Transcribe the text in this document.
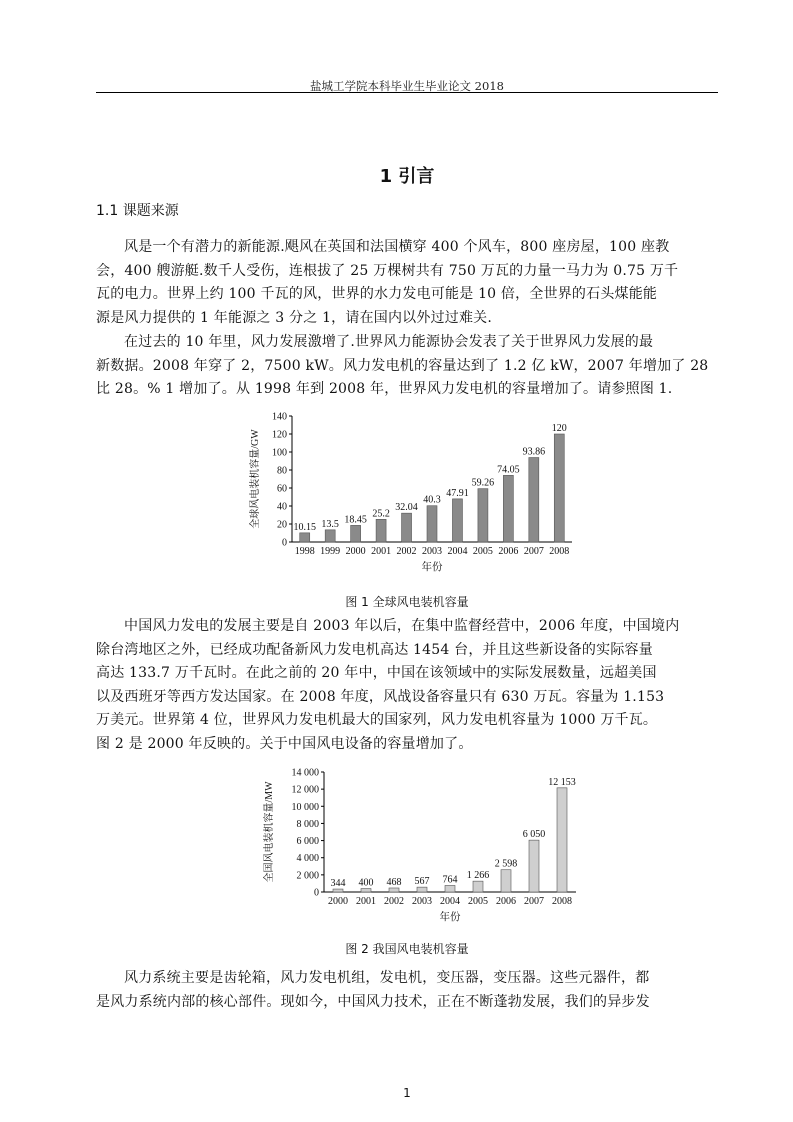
盐城工学院本科毕业生毕业论文 2018
1 引言
1.1 课题来源
风是一个有潜力的新能源.飓风在英国和法国横穿 400 个风车，800 座房屋，100 座教
会，400 艘游艇.数千人受伤，连根拔了 25 万棵树共有 750 万瓦的力量一马力为 0.75 万千
瓦的电力。世界上约 100 千瓦的风，世界的水力发电可能是 10 倍，全世界的石头煤能能
源是风力提供的 1 年能源之 3 分之 1，请在国内以外过过难关.
在过去的 10 年里，风力发展激增了.世界风力能源协会发表了关于世界风力发展的最
新数据。2008 年穿了 2，7500 kW。风力发电机的容量达到了 1.2 亿 kW，2007 年增加了 28
比 28。% 1 增加了。从 1998 年到 2008 年，世界风力发电机的容量增加了。请参照图 1.
0
20
40
60
80
100
120
140
10.15
1998
13.5
1999
18.45
2000
25.2
2001
32.04
2002
40.3
2003
47.91
2004
59.26
2005
74.05
2006
93.86
2007
120
2008
年份
全球风电装机容量/GW
图 1 全球风电装机容量
中国风力发电的发展主要是自 2003 年以后，在集中监督经营中，2006 年度，中国境内
除台湾地区之外，已经成功配备新风力发电机高达 1454 台，并且这些新设备的实际容量
高达 133.7 万千瓦时。在此之前的 20 年中，中国在该领域中的实际发展数量，远超美国
以及西班牙等西方发达国家。在 2008 年度，风战设备容量只有 630 万瓦。容量为 1.153
万美元。世界第 4 位，世界风力发电机最大的国家列，风力发电机容量为 1000 万千瓦。
图 2 是 2000 年反映的。关于中国风电设备的容量增加了。
0
2 000
4 000
6 000
8 000
10 000
12 000
14 000
344
2000
400
2001
468
2002
567
2003
764
2004
1 266
2005
2 598
2006
6 050
2007
12 153
2008
年份
全国风电装机容量/MW
图 2 我国风电装机容量
风力系统主要是齿轮箱，风力发电机组，发电机，变压器，变压器。这些元器件，都
是风力系统内部的核心部件。现如今，中国风力技术，正在不断蓬勃发展，我们的异步发
1
